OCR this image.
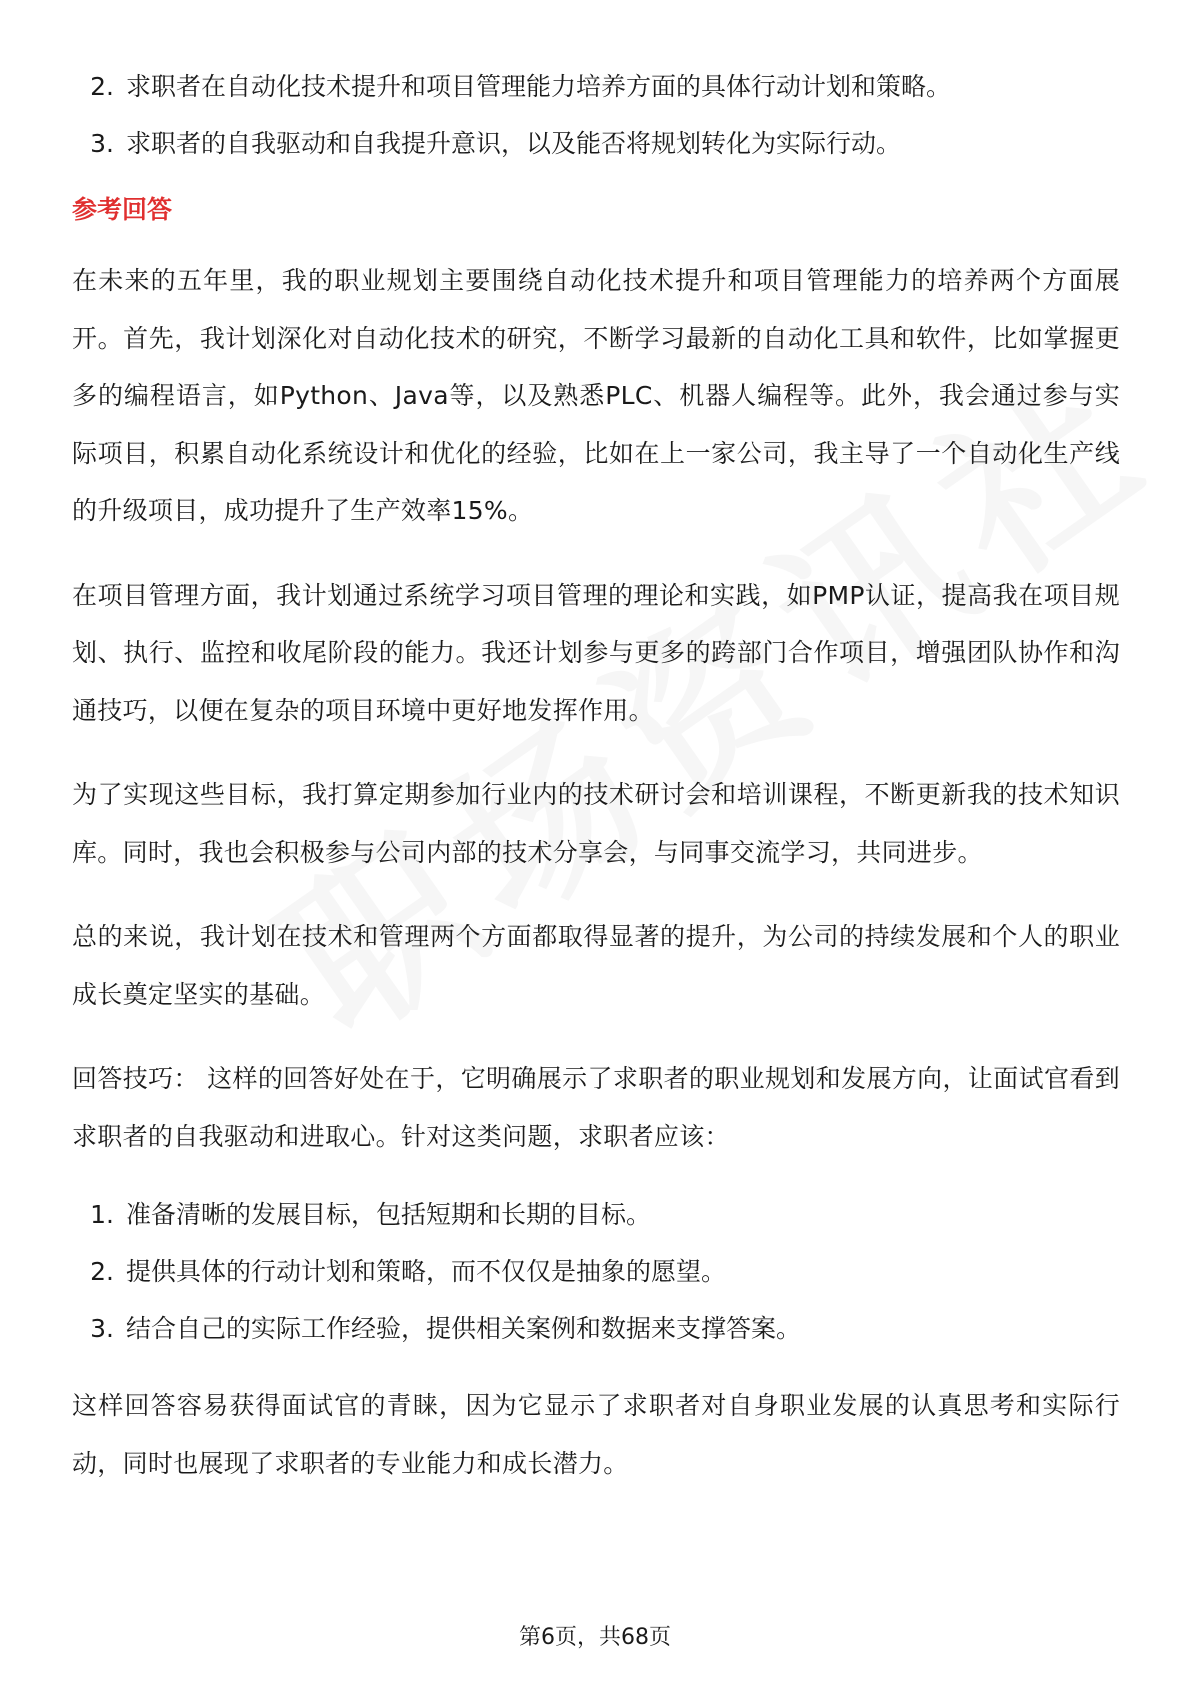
2. 求职者在自动化技术提升和项目管理能力培养方面的具体行动计划和策略。
3. 求职者的自我驱动和自我提升意识，以及能否将规划转化为实际行动。
参考回答

在未来的五年里，我的职业规划主要围绕自动化技术提升和项目管理能力的培养两个方面展开。首先，我计划深化对自动化技术的研究，不断学习最新的自动化工具和软件，比如掌握更多的编程语言，如Python、Java等，以及熟悉PLC、机器人编程等。此外，我会通过参与实际项目，积累自动化系统设计和优化的经验，比如在上一家公司，我主导了一个自动化生产线的升级项目，成功提升了生产效率15%。

在项目管理方面，我计划通过系统学习项目管理的理论和实践，如PMP认证，提高我在项目规划、执行、监控和收尾阶段的能力。我还计划参与更多的跨部门合作项目，增强团队协作和沟通技巧，以便在复杂的项目环境中更好地发挥作用。

为了实现这些目标，我打算定期参加行业内的技术研讨会和培训课程，不断更新我的技术知识库。同时，我也会积极参与公司内部的技术分享会，与同事交流学习，共同进步。

总的来说，我计划在技术和管理两个方面都取得显著的提升，为公司的持续发展和个人的职业成长奠定坚实的基础。

回答技巧： 这样的回答好处在于，它明确展示了求职者的职业规划和发展方向，让面试官看到求职者的自我驱动和进取心。针对这类问题，求职者应该：

1. 准备清晰的发展目标，包括短期和长期的目标。
2. 提供具体的行动计划和策略，而不仅仅是抽象的愿望。
3. 结合自己的实际工作经验，提供相关案例和数据来支撑答案。

这样回答容易获得面试官的青睐，因为它显示了求职者对自身职业发展的认真思考和实际行动，同时也展现了求职者的专业能力和成长潜力。

第6页，共68页
